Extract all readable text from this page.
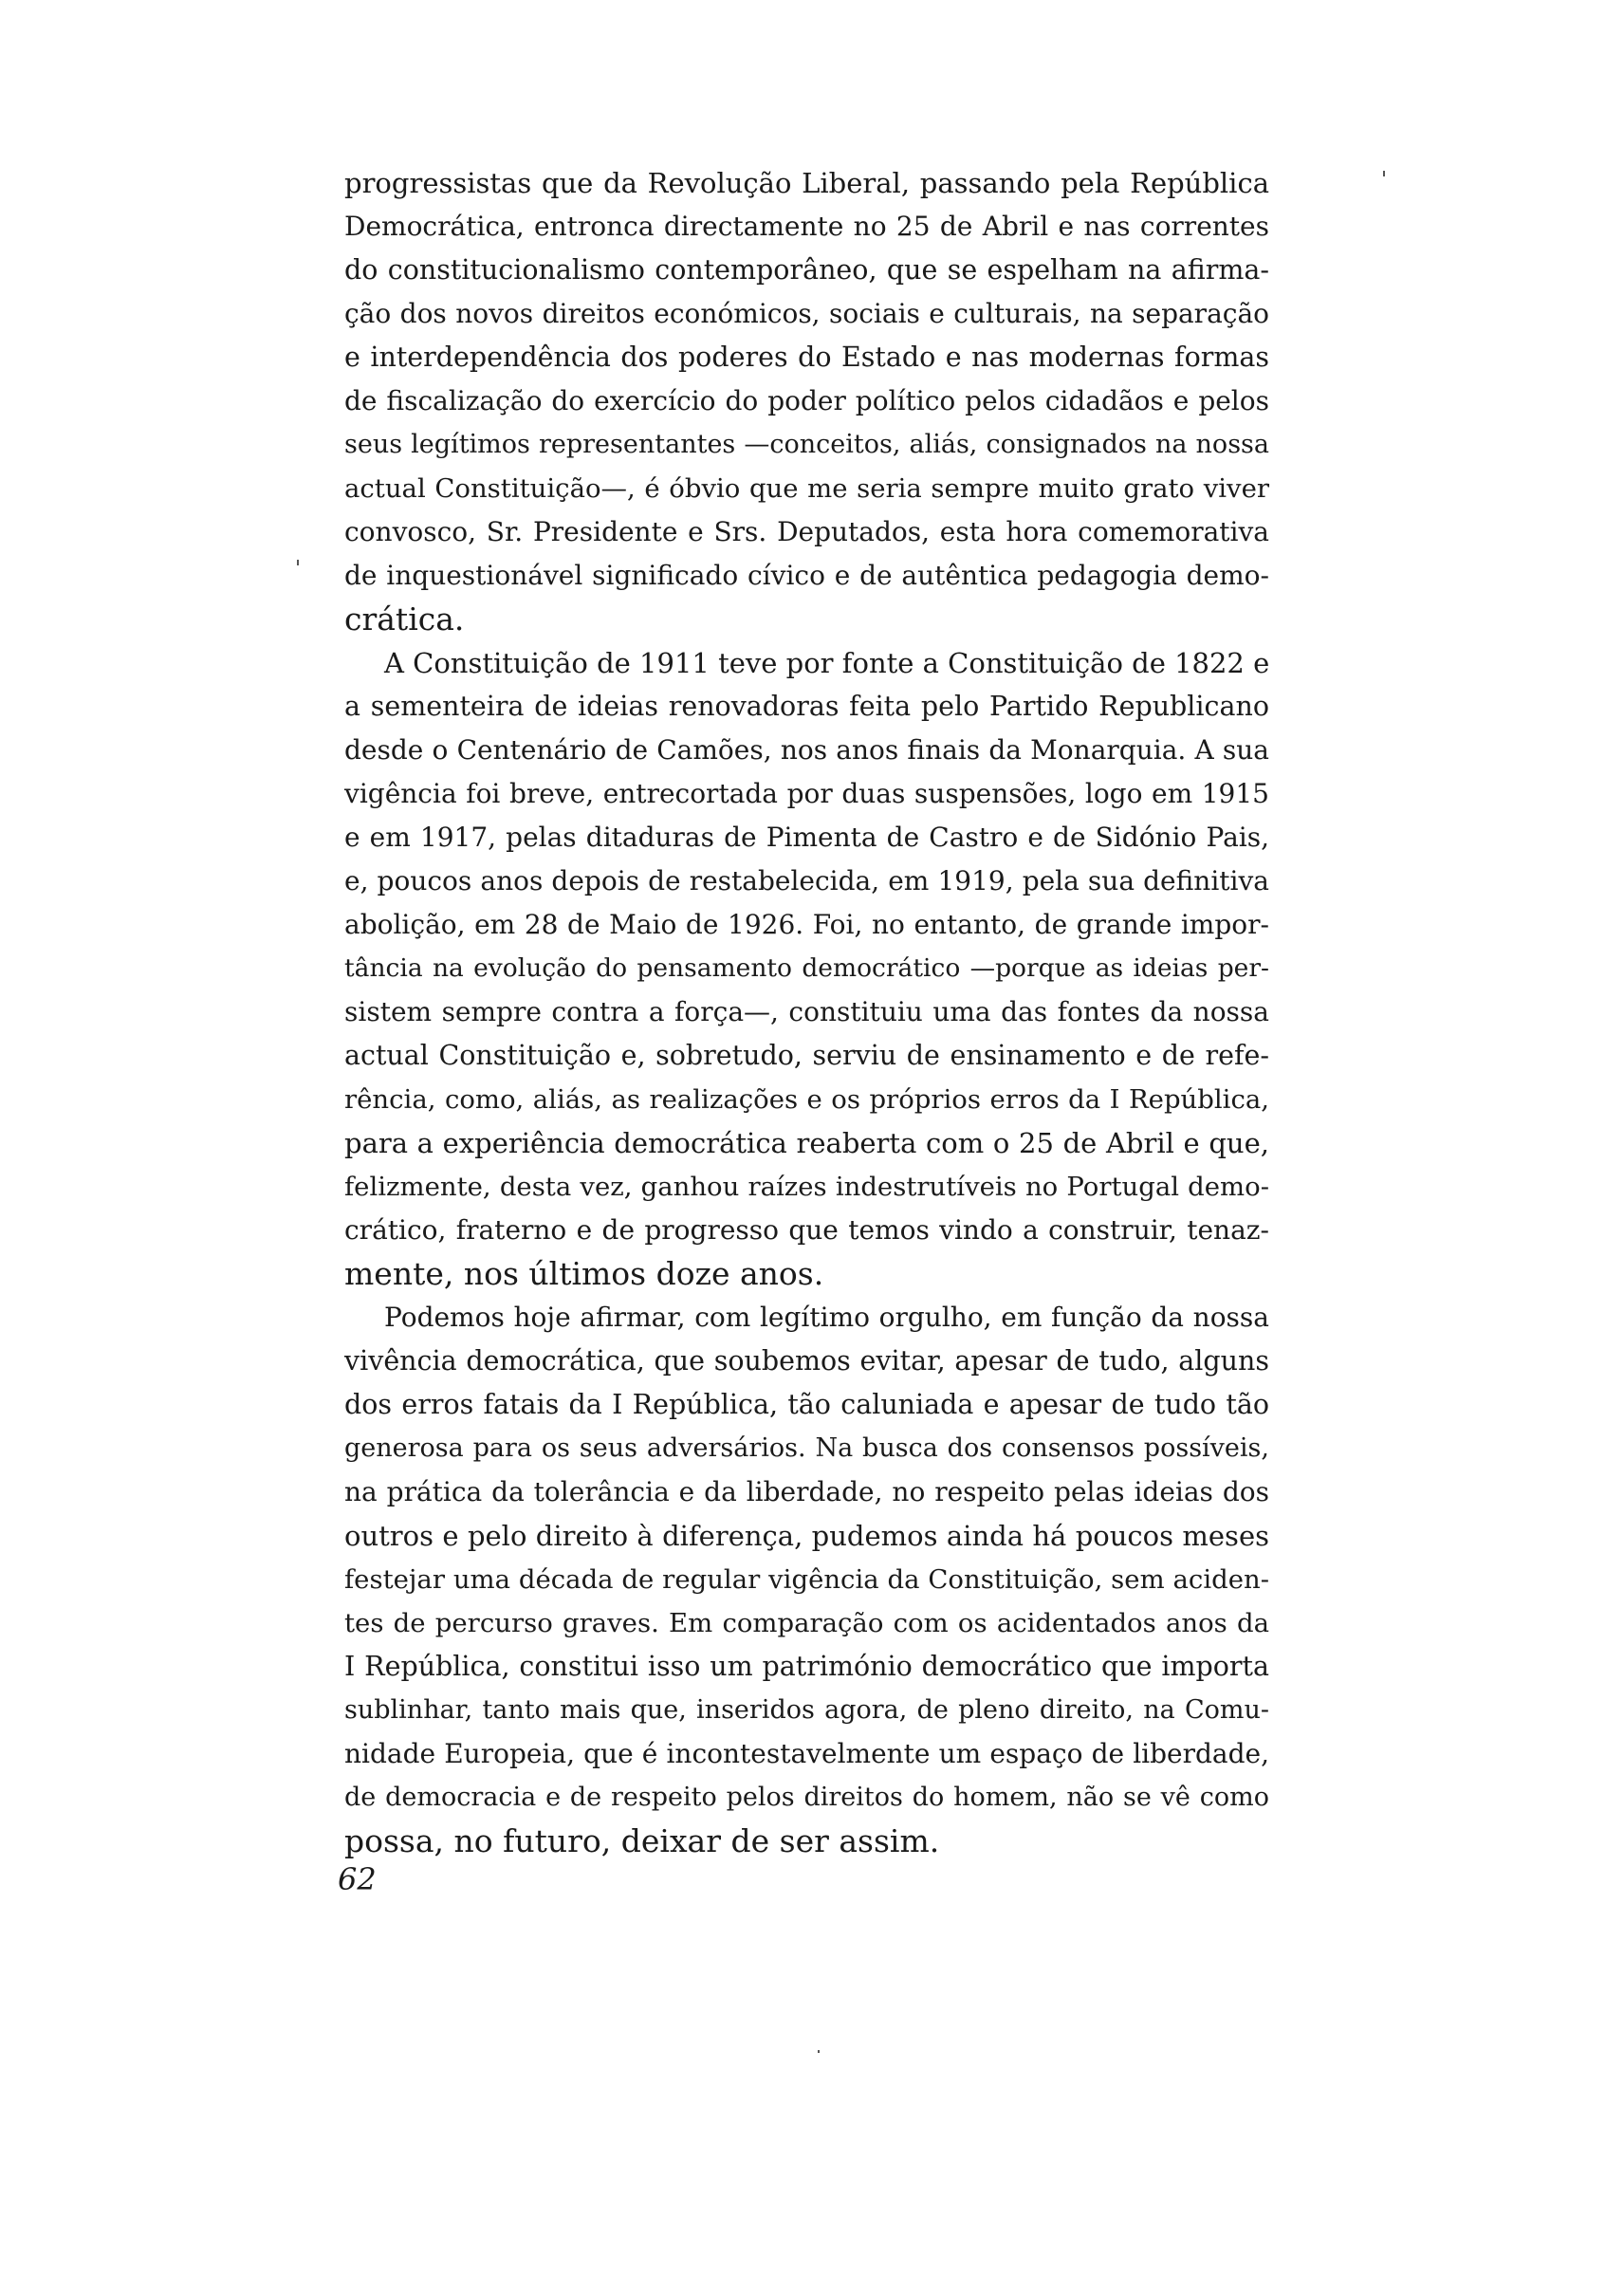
progressistas que da Revolução Liberal, passando pela República
Democrática, entronca directamente no 25 de Abril e nas correntes
do constitucionalismo contemporâneo, que se espelham na afirma-
ção dos novos direitos económicos, sociais e culturais, na separação
e interdependência dos poderes do Estado e nas modernas formas
de fiscalização do exercício do poder político pelos cidadãos e pelos
seus legítimos representantes —conceitos, aliás, consignados na nossa
actual Constituição—, é óbvio que me seria sempre muito grato viver
convosco, Sr. Presidente e Srs. Deputados, esta hora comemorativa
de inquestionável significado cívico e de autêntica pedagogia demo-
crática.
A Constituição de 1911 teve por fonte a Constituição de 1822 e
a sementeira de ideias renovadoras feita pelo Partido Republicano
desde o Centenário de Camões, nos anos finais da Monarquia. A sua
vigência foi breve, entrecortada por duas suspensões, logo em 1915
e em 1917, pelas ditaduras de Pimenta de Castro e de Sidónio Pais,
e, poucos anos depois de restabelecida, em 1919, pela sua definitiva
abolição, em 28 de Maio de 1926. Foi, no entanto, de grande impor-
tância na evolução do pensamento democrático —porque as ideias per-
sistem sempre contra a força—, constituiu uma das fontes da nossa
actual Constituição e, sobretudo, serviu de ensinamento e de refe-
rência, como, aliás, as realizações e os próprios erros da I República,
para a experiência democrática reaberta com o 25 de Abril e que,
felizmente, desta vez, ganhou raízes indestrutíveis no Portugal demo-
crático, fraterno e de progresso que temos vindo a construir, tenaz-
mente, nos últimos doze anos.
Podemos hoje afirmar, com legítimo orgulho, em função da nossa
vivência democrática, que soubemos evitar, apesar de tudo, alguns
dos erros fatais da I República, tão caluniada e apesar de tudo tão
generosa para os seus adversários. Na busca dos consensos possíveis,
na prática da tolerância e da liberdade, no respeito pelas ideias dos
outros e pelo direito à diferença, pudemos ainda há poucos meses
festejar uma década de regular vigência da Constituição, sem aciden-
tes de percurso graves. Em comparação com os acidentados anos da
I República, constitui isso um património democrático que importa
sublinhar, tanto mais que, inseridos agora, de pleno direito, na Comu-
nidade Europeia, que é incontestavelmente um espaço de liberdade,
de democracia e de respeito pelos direitos do homem, não se vê como
possa, no futuro, deixar de ser assim.
62
